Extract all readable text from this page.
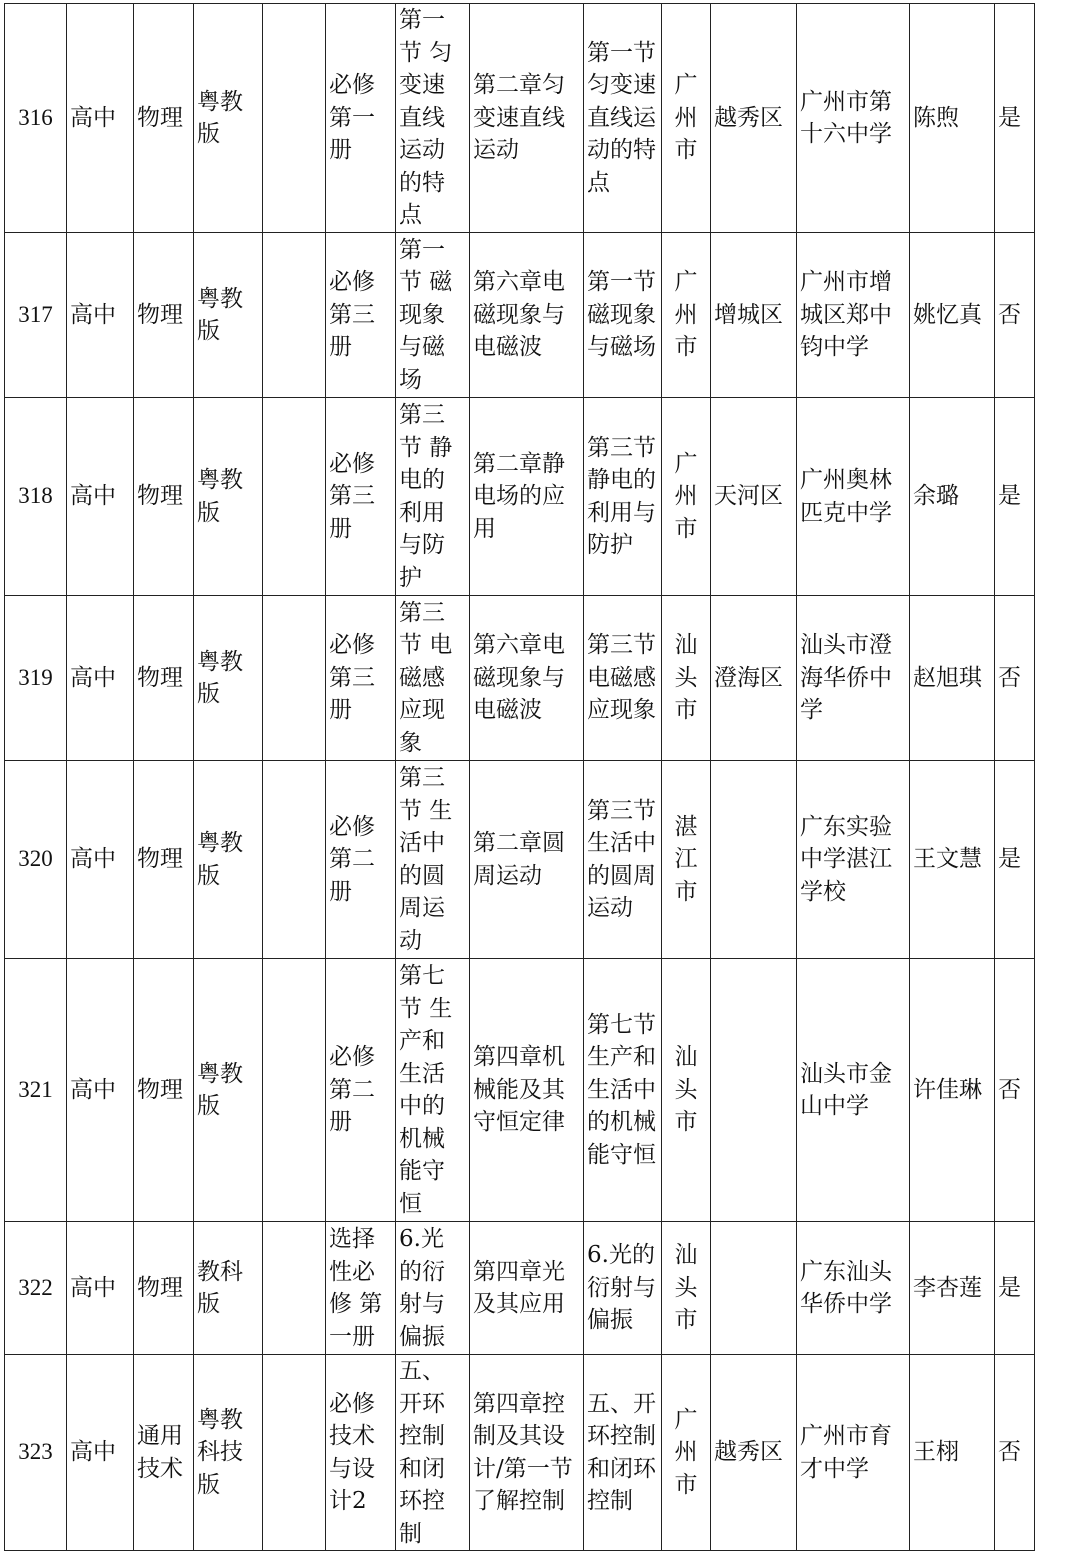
316	高中	物理	粤教版		必修第一册	第一节 匀变速直线运动的特点	第二章匀变速直线运动	第一节 匀变速直线运动的特点	广州市	越秀区	广州市第十六中学	陈煦	是
317	高中	物理	粤教版		必修第三册	第一节 磁现象与磁场	第六章电磁现象与电磁波	第一节 磁现象与磁场	广州市	增城区	广州市增城区郑中钧中学	姚忆真	否
318	高中	物理	粤教版		必修第三册	第三节 静电的利用与防护	第二章静电场的应用	第三节 静电的利用与防护	广州市	天河区	广州奥林匹克中学	余璐	是
319	高中	物理	粤教版		必修第三册	第三节 电磁感应现象	第六章电磁现象与电磁波	第三节 电磁感应现象	汕头市	澄海区	汕头市澄海华侨中学	赵旭琪	否
320	高中	物理	粤教版		必修第二册	第三节 生活中的圆周运动	第二章圆周运动	第三节 生活中的圆周运动	湛江市		广东实验中学湛江学校	王文慧	是
321	高中	物理	粤教版		必修第二册	第七节 生产和生活中的机械能守恒	第四章机械能及其守恒定律	第七节 生产和生活中的机械能守恒	汕头市		汕头市金山中学	许佳琳	否
322	高中	物理	教科版		选择性必修 第一册	6.光的衍射与偏振	第四章光及其应用	6.光的衍射与偏振	汕头市		广东汕头华侨中学	李杏莲	是
323	高中	通用技术	粤教科技版		必修技术与设计2	五、开环控制和闭环控制	第四章控制及其设计/第一节了解控制	五、开环控制和闭环控制	广州市	越秀区	广州市育才中学	王栩	否
